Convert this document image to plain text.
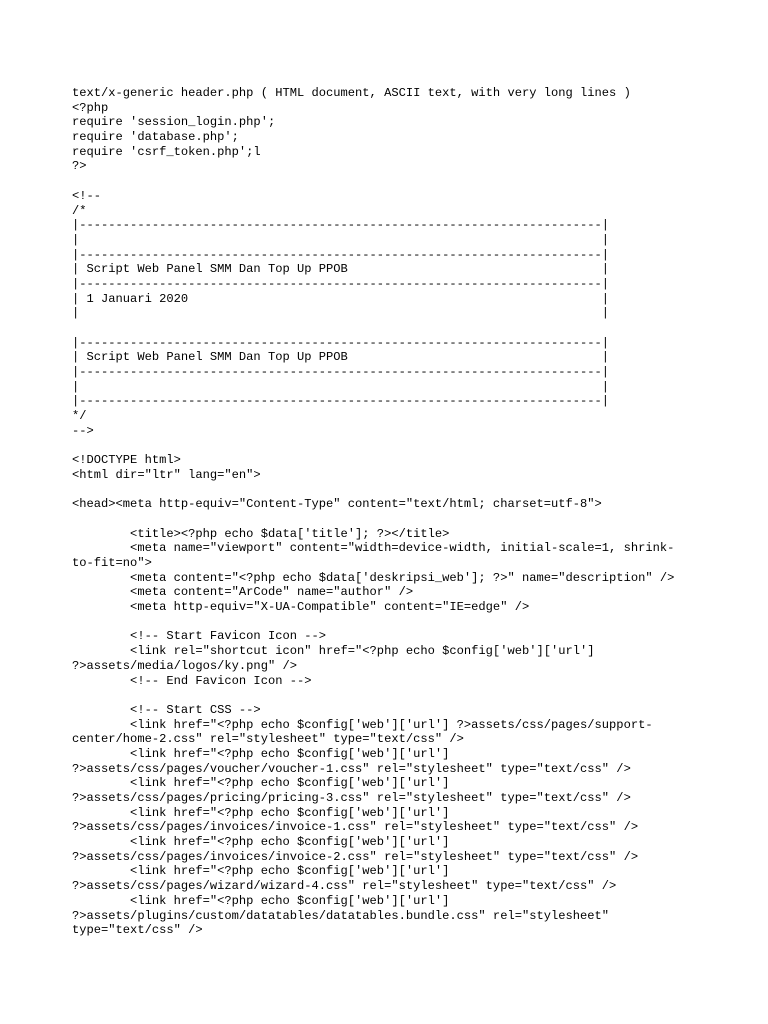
text/x-generic header.php ( HTML document, ASCII text, with very long lines )
<?php
require 'session_login.php';
require 'database.php';
require 'csrf_token.php';l
?>
<!--
/*
|------------------------------------------------------------------------|
|                                                                        |
|------------------------------------------------------------------------|
| Script Web Panel SMM Dan Top Up PPOB                                   |
|------------------------------------------------------------------------|
| 1 Januari 2020                                                         |
|                                                                        |
|------------------------------------------------------------------------|
| Script Web Panel SMM Dan Top Up PPOB                                   |
|------------------------------------------------------------------------|
|                                                                        |
|------------------------------------------------------------------------|
*/
-->
<!DOCTYPE html>
<html dir="ltr" lang="en">
<head><meta http-equiv="Content-Type" content="text/html; charset=utf-8">
<title><?php echo $data['title']; ?></title>
<meta name="viewport" content="width=device-width, initial-scale=1, shrink-
to-fit=no">
<meta content="<?php echo $data['deskripsi_web']; ?>" name="description" />
<meta content="ArCode" name="author" />
<meta http-equiv="X-UA-Compatible" content="IE=edge" />
<!-- Start Favicon Icon -->
<link rel="shortcut icon" href="<?php echo $config['web']['url']
?>assets/media/logos/ky.png" />
<!-- End Favicon Icon -->
<!-- Start CSS -->
<link href="<?php echo $config['web']['url'] ?>assets/css/pages/support-
center/home-2.css" rel="stylesheet" type="text/css" />
<link href="<?php echo $config['web']['url']
?>assets/css/pages/voucher/voucher-1.css" rel="stylesheet" type="text/css" />
<link href="<?php echo $config['web']['url']
?>assets/css/pages/pricing/pricing-3.css" rel="stylesheet" type="text/css" />
<link href="<?php echo $config['web']['url']
?>assets/css/pages/invoices/invoice-1.css" rel="stylesheet" type="text/css" />
<link href="<?php echo $config['web']['url']
?>assets/css/pages/invoices/invoice-2.css" rel="stylesheet" type="text/css" />
<link href="<?php echo $config['web']['url']
?>assets/css/pages/wizard/wizard-4.css" rel="stylesheet" type="text/css" />
<link href="<?php echo $config['web']['url']
?>assets/plugins/custom/datatables/datatables.bundle.css" rel="stylesheet"
type="text/css" />
